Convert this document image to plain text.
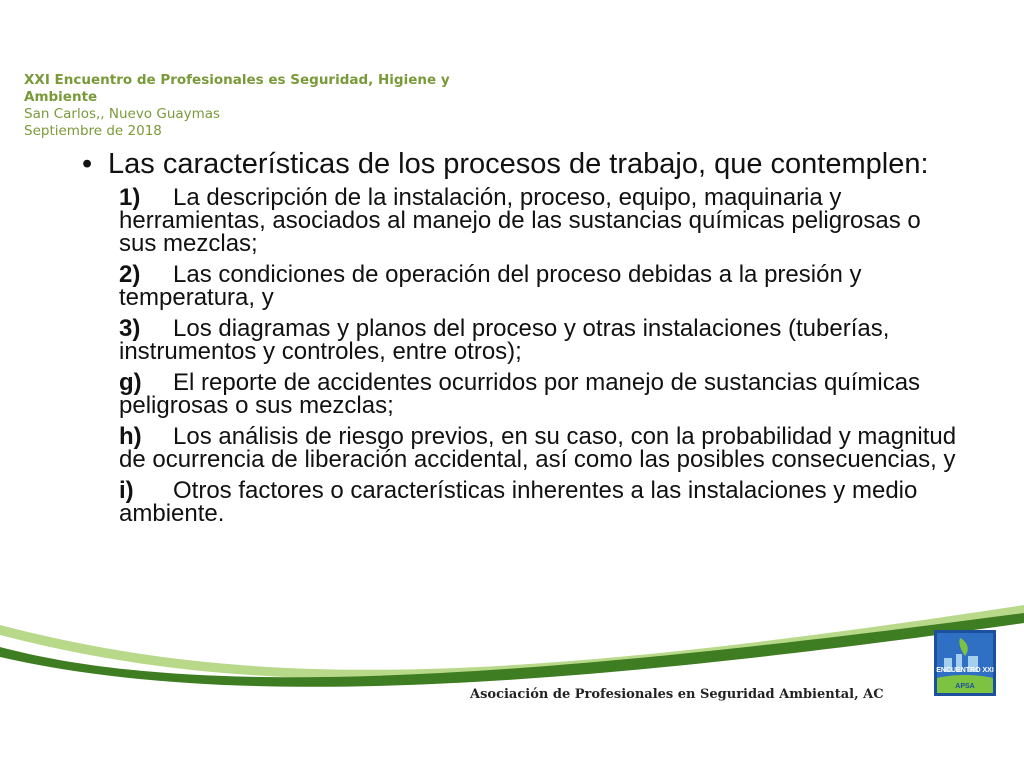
XXI Encuentro de Profesionales es Seguridad, Higiene y
Ambiente
San Carlos,, Nuevo Guaymas
Septiembre de 2018
• Las características de los procesos de trabajo, que contemplen:
1) La descripción de la instalación, proceso, equipo, maquinaria y herramientas, asociados al manejo de las sustancias químicas peligrosas o sus mezclas;
2) Las condiciones de operación del proceso debidas a la presión y temperatura, y
3) Los diagramas y planos del proceso y otras instalaciones (tuberías, instrumentos y controles, entre otros);
g) El reporte de accidentes ocurridos por manejo de sustancias químicas peligrosas o sus mezclas;
h) Los análisis de riesgo previos, en su caso, con la probabilidad y magnitud de ocurrencia de liberación accidental, así como las posibles consecuencias, y
i) Otros factores o características inherentes a las instalaciones y medio ambiente.
Asociación de Profesionales en Seguridad Ambiental, AC
ENCUENTRO XXI
APSA
